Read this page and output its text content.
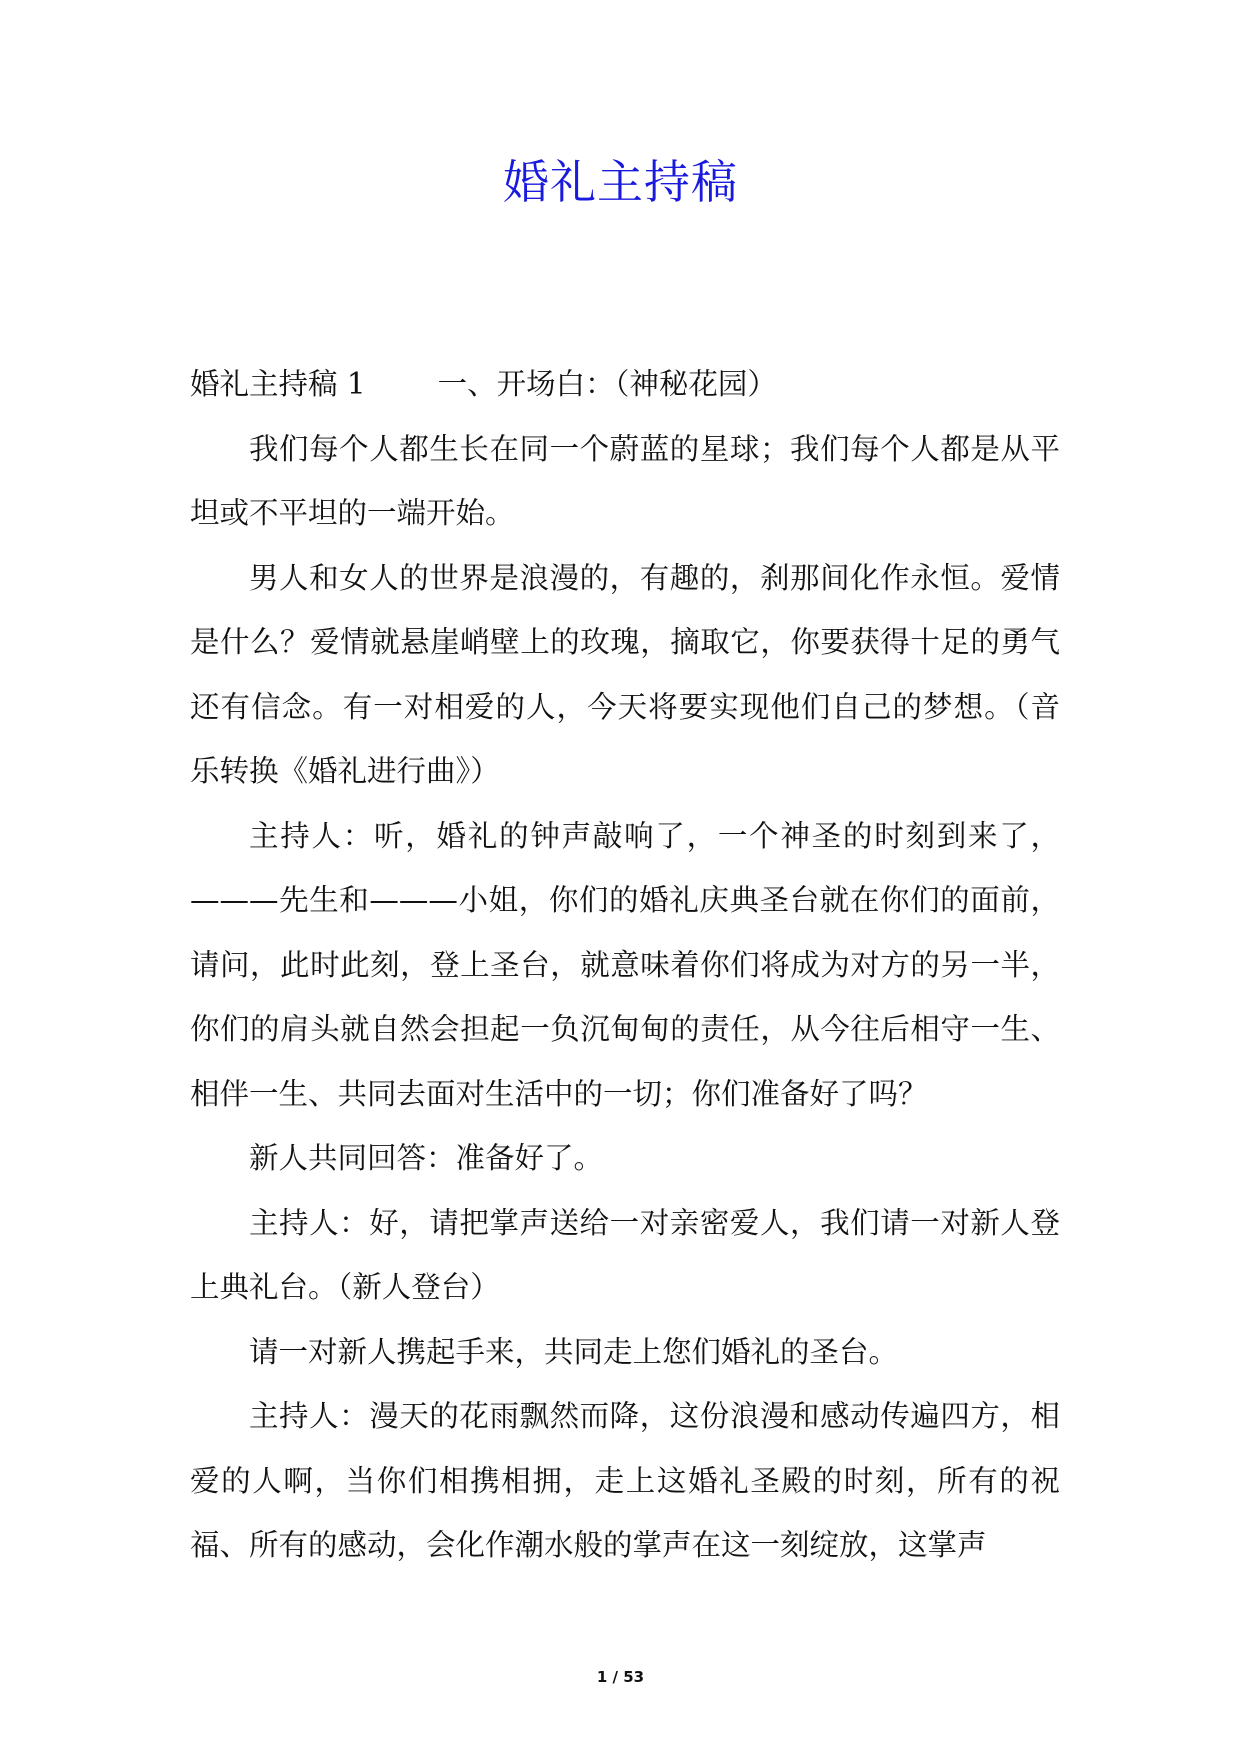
婚礼主持稿

婚礼主持稿 1 一、开场白：（神秘花园）

我们每个人都生长在同一个蔚蓝的星球；我们每个人都是从平坦或不平坦的一端开始。

男人和女人的世界是浪漫的，有趣的，刹那间化作永恒。爱情是什么？爱情就悬崖峭壁上的玫瑰，摘取它，你要获得十足的勇气还有信念。有一对相爱的人，今天将要实现他们自己的梦想。（音乐转换《婚礼进行曲》）

主持人：听，婚礼的钟声敲响了，一个神圣的时刻到来了，———先生和———小姐，你们的婚礼庆典圣台就在你们的面前，请问，此时此刻，登上圣台，就意味着你们将成为对方的另一半，你们的肩头就自然会担起一负沉甸甸的责任，从今往后相守一生、相伴一生、共同去面对生活中的一切；你们准备好了吗？

新人共同回答：准备好了。

主持人：好，请把掌声送给一对亲密爱人，我们请一对新人登上典礼台。（新人登台）

请一对新人携起手来，共同走上您们婚礼的圣台。

主持人：漫天的花雨飘然而降，这份浪漫和感动传遍四方，相爱的人啊，当你们相携相拥，走上这婚礼圣殿的时刻，所有的祝福、所有的感动，会化作潮水般的掌声在这一刻绽放，这掌声

1 / 53
